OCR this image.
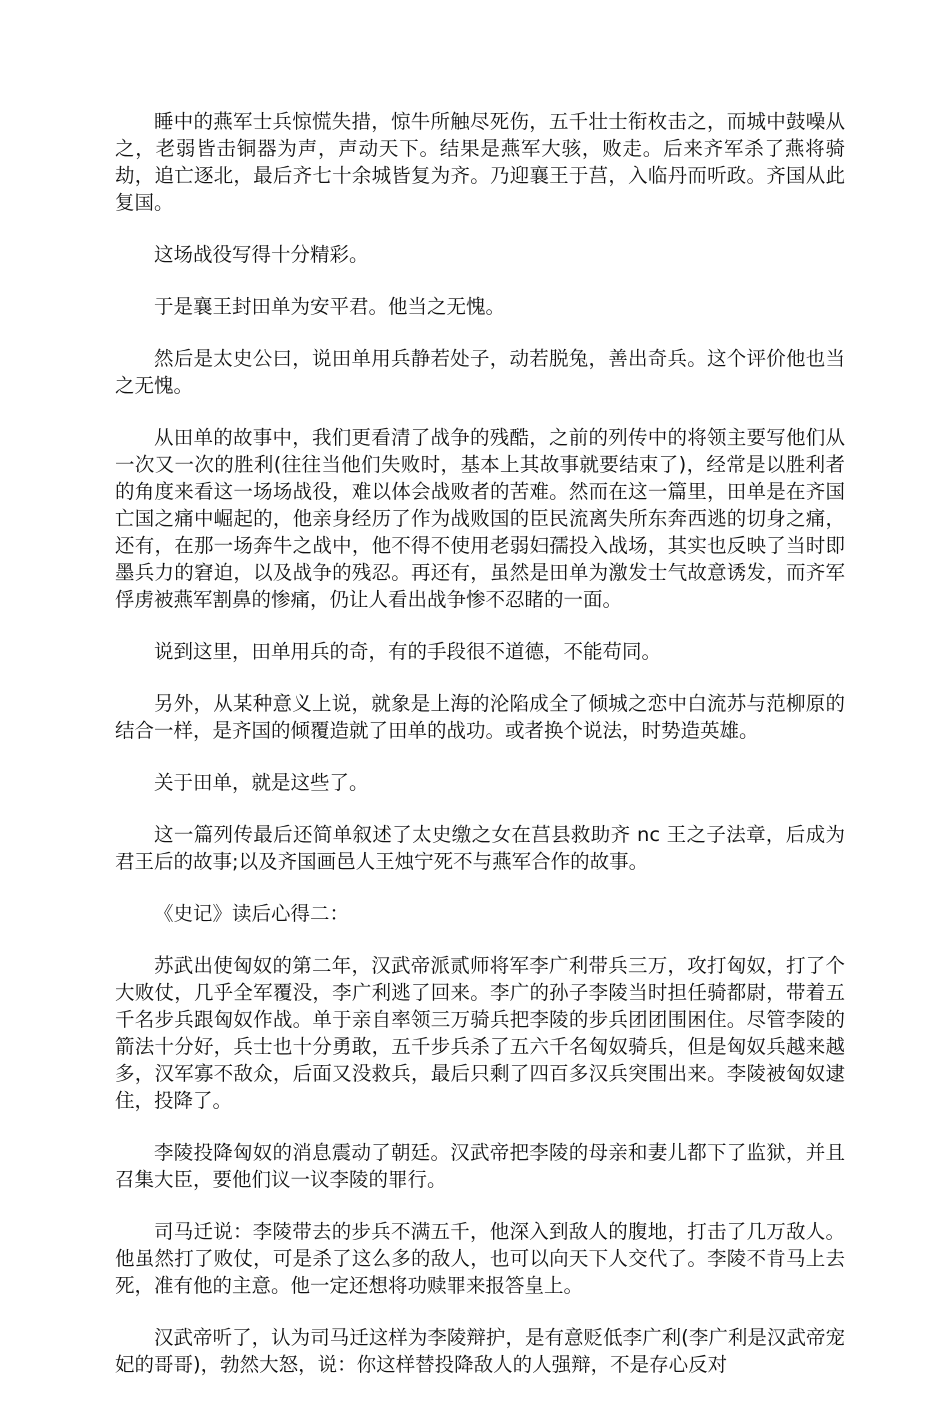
睡中的燕军士兵惊慌失措，惊牛所触尽死伤，五千壮士衔枚击之，而城中鼓噪从之，老弱皆击铜器为声，声动天下。结果是燕军大骇，败走。后来齐军杀了燕将骑劫，追亡逐北，最后齐七十余城皆复为齐。乃迎襄王于莒，入临丹而听政。齐国从此复国。

这场战役写得十分精彩。

于是襄王封田单为安平君。他当之无愧。

然后是太史公曰，说田单用兵静若处子，动若脱兔，善出奇兵。这个评价他也当之无愧。

从田单的故事中，我们更看清了战争的残酷，之前的列传中的将领主要写他们从一次又一次的胜利(往往当他们失败时，基本上其故事就要结束了)，经常是以胜利者的角度来看这一场场战役，难以体会战败者的苦难。然而在这一篇里，田单是在齐国亡国之痛中崛起的，他亲身经历了作为战败国的臣民流离失所东奔西逃的切身之痛，还有，在那一场奔牛之战中，他不得不使用老弱妇孺投入战场，其实也反映了当时即墨兵力的窘迫，以及战争的残忍。再还有，虽然是田单为激发士气故意诱发，而齐军俘虏被燕军割鼻的惨痛，仍让人看出战争惨不忍睹的一面。

说到这里，田单用兵的奇，有的手段很不道德，不能苟同。

另外，从某种意义上说，就象是上海的沦陷成全了倾城之恋中白流苏与范柳原的结合一样，是齐国的倾覆造就了田单的战功。或者换个说法，时势造英雄。

关于田单，就是这些了。

这一篇列传最后还简单叙述了太史缴之女在莒县救助齐 nc 王之子法章，后成为君王后的故事;以及齐国画邑人王烛宁死不与燕军合作的故事。

《史记》读后心得二：

苏武出使匈奴的第二年，汉武帝派贰师将军李广利带兵三万，攻打匈奴，打了个大败仗，几乎全军覆没，李广利逃了回来。李广的孙子李陵当时担任骑都尉，带着五千名步兵跟匈奴作战。单于亲自率领三万骑兵把李陵的步兵团团围困住。尽管李陵的箭法十分好，兵士也十分勇敢，五千步兵杀了五六千名匈奴骑兵，但是匈奴兵越来越多，汉军寡不敌众，后面又没救兵，最后只剩了四百多汉兵突围出来。李陵被匈奴逮住，投降了。

李陵投降匈奴的消息震动了朝廷。汉武帝把李陵的母亲和妻儿都下了监狱，并且召集大臣，要他们议一议李陵的罪行。

司马迁说：李陵带去的步兵不满五千，他深入到敌人的腹地，打击了几万敌人。他虽然打了败仗，可是杀了这么多的敌人，也可以向天下人交代了。李陵不肯马上去死，准有他的主意。他一定还想将功赎罪来报答皇上。

汉武帝听了，认为司马迁这样为李陵辩护，是有意贬低李广利(李广利是汉武帝宠妃的哥哥)，勃然大怒，说：你这样替投降敌人的人强辩，不是存心反对
